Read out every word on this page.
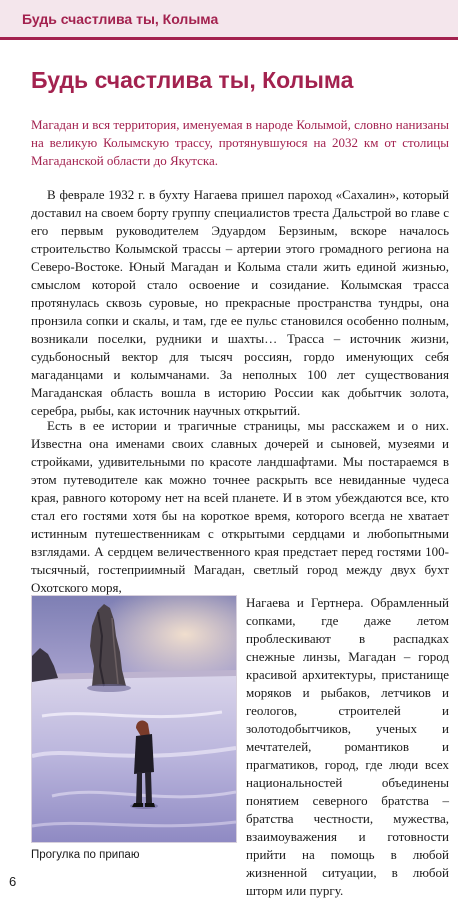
Будь счастлива ты, Колыма
Будь счастлива ты, Колыма

Магадан и вся территория, именуемая в народе Колымой, словно нанизаны на великую Колымскую трассу, протянувшуюся на 2032 км от столицы Магаданской области до Якутска.

В феврале 1932 г. в бухту Нагаева пришел пароход «Сахалин», который доставил на своем борту группу специалистов треста Дальстрой во главе с его первым руководителем Эдуардом Берзиным, вскоре началось строительство Колымской трассы – артерии этого громадного региона на Северо-Востоке. Юный Магадан и Колыма стали жить единой жизнью, смыслом которой стало освоение и созидание. Колымская трасса протянулась сквозь суровые, но прекрасные пространства тундры, она пронзила сопки и скалы, и там, где ее пульс становился особенно полным, возникали поселки, рудники и шахты… Трасса – источник жизни, судьбоносный вектор для тысяч россиян, гордо именующих себя магаданцами и колымчанами. За неполных 100 лет существования Магаданская область вошла в историю России как добытчик золота, серебра, рыбы, как источник научных открытий.

Есть в ее истории и трагичные страницы, мы расскажем и о них. Известна она именами своих славных дочерей и сыновей, музеями и стройками, удивительными по красоте ландшафтами. Мы постараемся в этом путеводителе как можно точнее раскрыть все невиданные чудеса края, равного которому нет на всей планете. И в этом убеждаются все, кто стал его гостями хотя бы на короткое время, которого всегда не хватает истинным путешественникам с открытыми сердцами и любопытными взглядами. А сердцем величественного края предстает перед гостями 100-тысячный, гостеприимный Магадан, светлый город между двух бухт Охотского моря,

Нагаева и Гертнера. Обрамленный сопками, где даже летом проблескивают в распадках снежные линзы, Магадан – город красивой архитектуры, пристанище моряков и рыбаков, летчиков и геологов, строителей и золотодобытчиков, ученых и мечтателей, романтиков и прагматиков, город, где люди всех национальностей объединены понятием северного братства – братства честности, мужества, взаимоуважения и готовности прийти на помощь в любой жизненной ситуации, в любой шторм или пургу.

Прогулка по припаю
6
